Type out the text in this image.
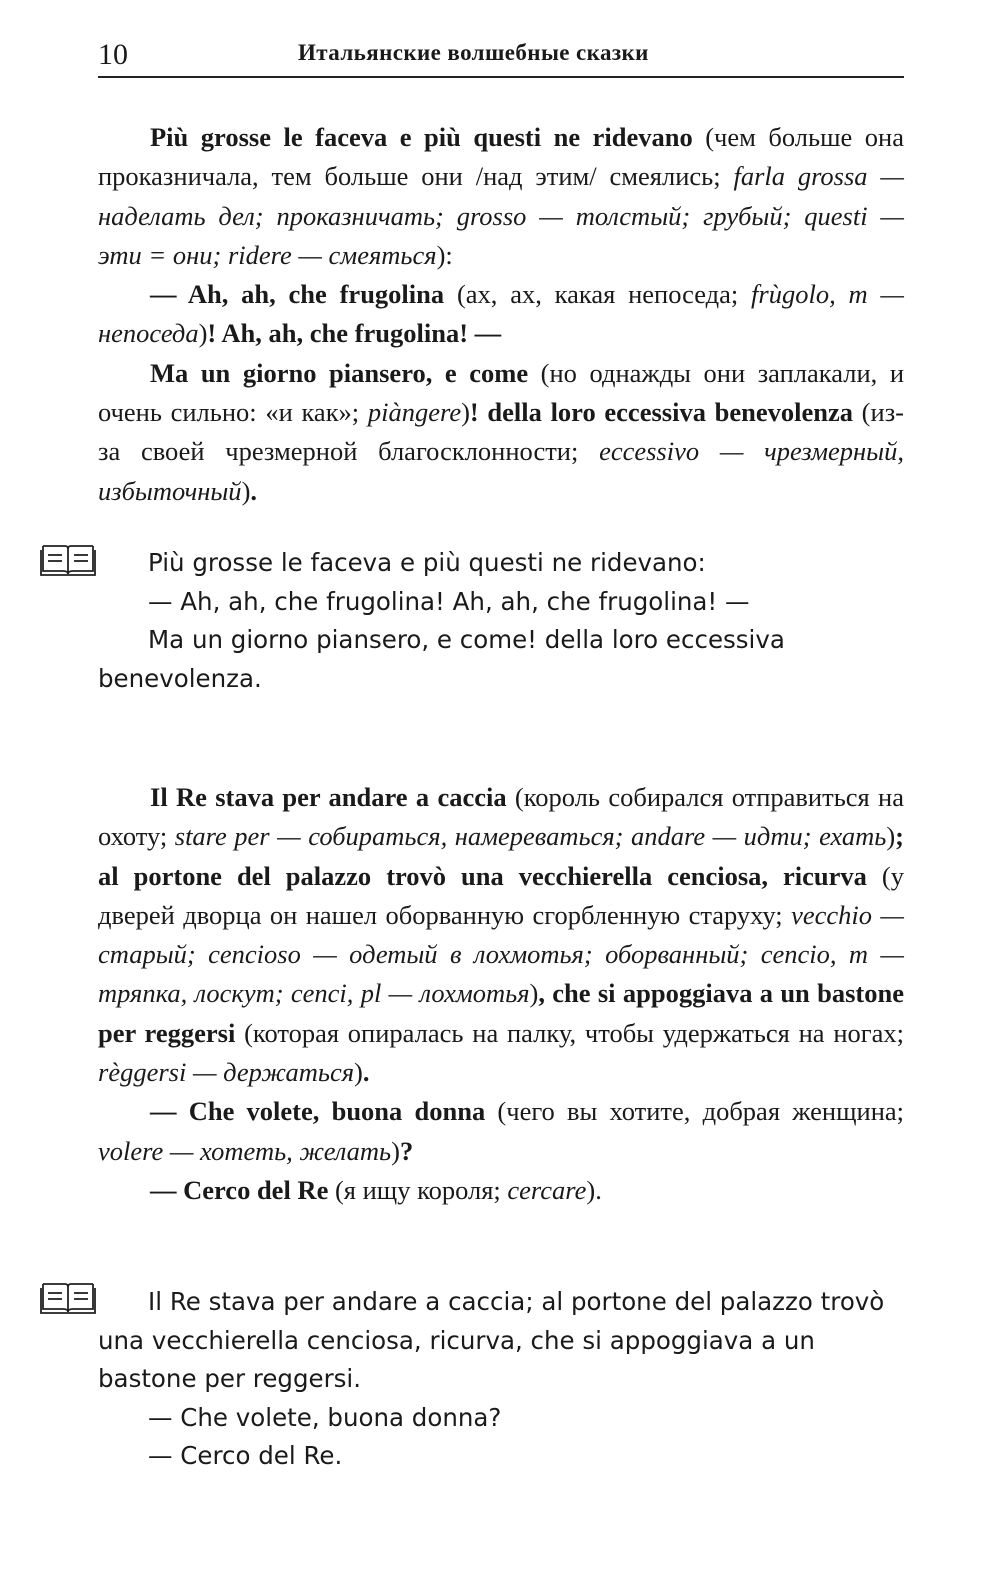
10	Итальянские волшебные сказки

Più grosse le faceva e più questi ne ridevano (чем больше она проказничала, тем больше они /над этим/ смеялись; farla grossa — наделать дел; проказничать; grosso — толстый; грубый; questi — эти = они; ridere — смеяться):

— Ah, ah, che frugolina (ах, ах, какая непоседа; frùgolo, m — непоседа)! Ah, ah, che frugolina! —

Ma un giorno piansero, e come (но однажды они заплакали, и очень сильно: «и как»; piàngere)! della loro eccessiva benevolenza (из-за своей чрезмерной благосклонности; eccessivo — чрезмерный, избыточный).

Più grosse le faceva e più questi ne ridevano:

— Ah, ah, che frugolina! Ah, ah, che frugolina! —

Ma un giorno piansero, e come! della loro eccessiva benevolenza.

Il Re stava per andare a caccia (король собирался отправиться на охоту; stare per — собираться, намереваться; andare — идти; ехать); al portone del palazzo trovò una vecchierella cenciosa, ricurva (у дверей дворца он нашел оборванную сгорбленную старуху; vecchio — старый; cencioso — одетый в лохмотья; оборванный; cencio, m — тряпка, лоскут; cenci, pl — лохмотья), che si appoggiava a un bastone per reggersi (которая опиралась на палку, чтобы удержаться на ногах; règgersi — держаться).

— Che volete, buona donna (чего вы хотите, добрая женщина; volere — хотеть, желать)?

— Cerco del Re (я ищу короля; cercare).

Il Re stava per andare a caccia; al portone del palazzo trovò una vecchierella cenciosa, ricurva, che si appoggiava a un bastone per reggersi.

— Che volete, buona donna?

— Cerco del Re.
